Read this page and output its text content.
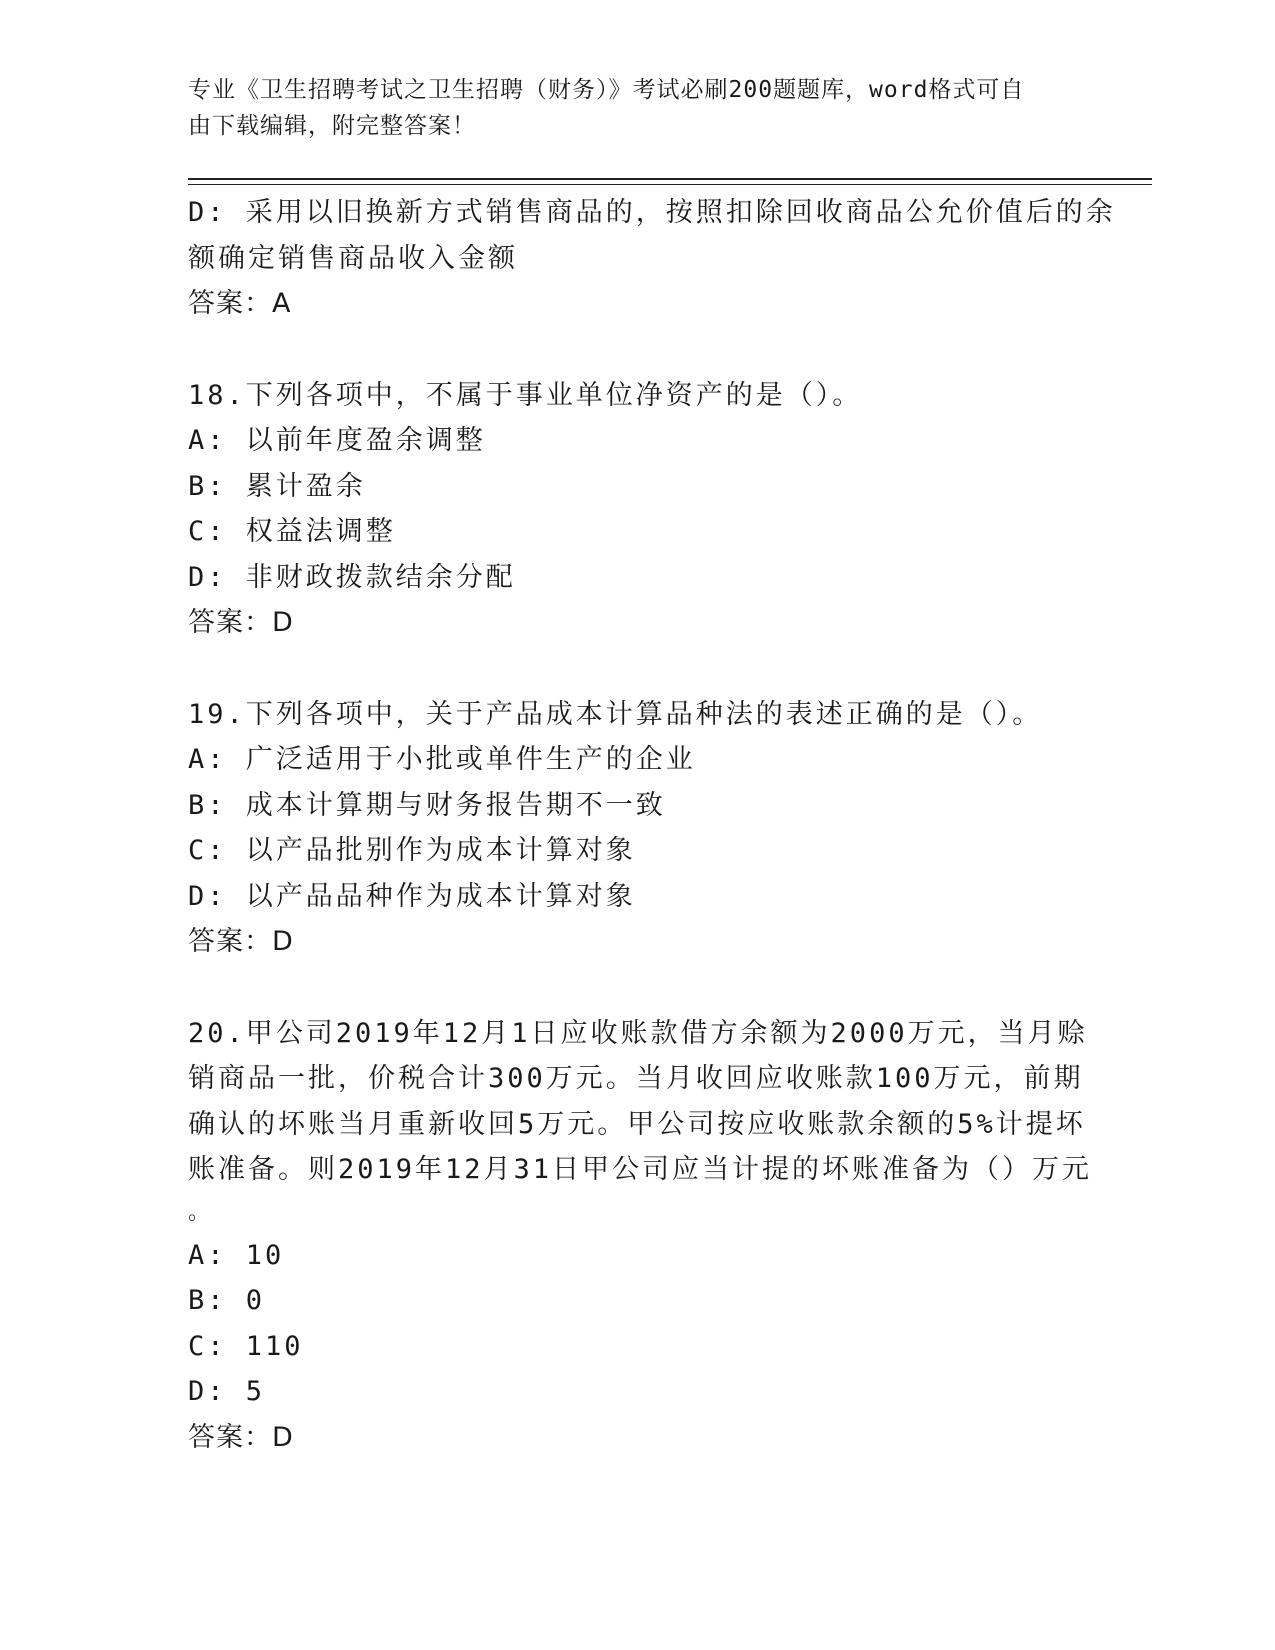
专业《卫生招聘考试之卫生招聘（财务）》考试必刷200题题库，word格式可自
由下载编辑，附完整答案！
D: 采用以旧换新方式销售商品的，按照扣除回收商品公允价值后的余
额确定销售商品收入金额
答案：A
18.下列各项中，不属于事业单位净资产的是（）。
A: 以前年度盈余调整
B: 累计盈余
C: 权益法调整
D: 非财政拨款结余分配
答案：D
19.下列各项中，关于产品成本计算品种法的表述正确的是（）。
A: 广泛适用于小批或单件生产的企业
B: 成本计算期与财务报告期不一致
C: 以产品批别作为成本计算对象
D: 以产品品种作为成本计算对象
答案：D
20.甲公司2019年12月1日应收账款借方余额为2000万元，当月赊
销商品一批，价税合计300万元。当月收回应收账款100万元，前期
确认的坏账当月重新收回5万元。甲公司按应收账款余额的5%计提坏
账准备。则2019年12月31日甲公司应当计提的坏账准备为（）万元
。
A: 10
B: 0
C: 110
D: 5
答案：D
